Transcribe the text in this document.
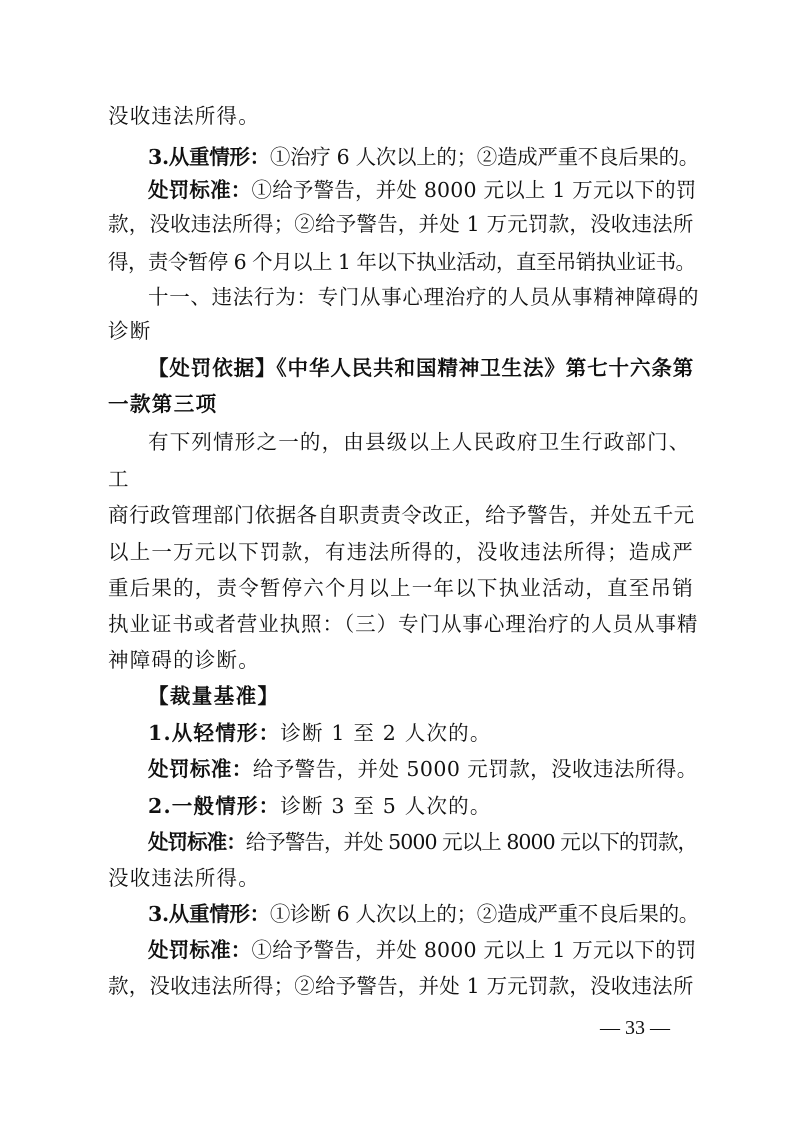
没收违法所得。
3.从重情形：①治疗 6 人次以上的；②造成严重不良后果的。
处罚标准：①给予警告，并处 8000 元以上 1 万元以下的罚
款，没收违法所得；②给予警告，并处 1 万元罚款，没收违法所
得，责令暂停 6 个月以上 1 年以下执业活动，直至吊销执业证书。
十一、违法行为：专门从事心理治疗的人员从事精神障碍的
诊断
【处罚依据】《中华人民共和国精神卫生法》第七十六条第
一款第三项
有下列情形之一的，由县级以上人民政府卫生行政部门、
工
商行政管理部门依据各自职责责令改正，给予警告，并处五千元
以上一万元以下罚款，有违法所得的，没收违法所得；造成严
重后果的，责令暂停六个月以上一年以下执业活动，直至吊销
执业证书或者营业执照：（三）专门从事心理治疗的人员从事精
神障碍的诊断。
【裁量基准】
1.从轻情形：诊断 1 至 2 人次的。
处罚标准：给予警告，并处 5000 元罚款，没收违法所得。
2.一般情形：诊断 3 至 5 人次的。
处罚标准：给予警告，并处 5000 元以上 8000 元以下的罚款，
没收违法所得。
3.从重情形：①诊断 6 人次以上的；②造成严重不良后果的。
处罚标准：①给予警告，并处 8000 元以上 1 万元以下的罚
款，没收违法所得；②给予警告，并处 1 万元罚款，没收违法所
— 33 —
